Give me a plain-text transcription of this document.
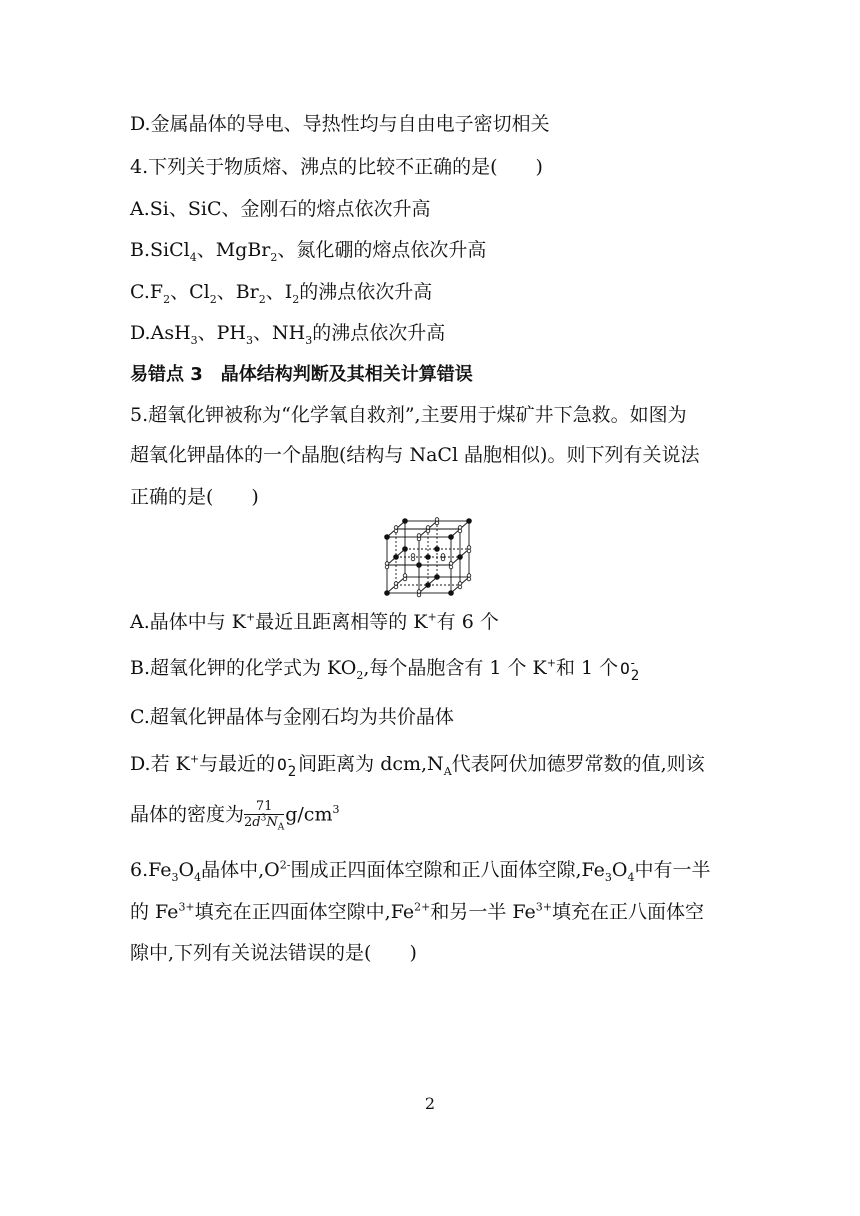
D.金属晶体的导电、导热性均与自由电子密切相关
4.下列关于物质熔、沸点的比较不正确的是(　　)
A.Si、SiC、金刚石的熔点依次升高
B.SiCl$_4$、MgBr$_2$、氮化硼的熔点依次升高
$C.F_2$、$Cl_2$、$Br_2$、$I_2$的沸点依次升高
D.AsH$_3$、$PH_3$、$NH_3$的沸点依次升高
易错点 3　晶体结构判断及其相关计算错误
5.超氧化钾被称为“化学氧自救剂”,主要用于煤矿井下急救。如图为
超氧化钾晶体的一个晶胞(结构与 NaCl 晶胞相似)。则下列有关说法
正确的是(　　)
A.晶体中与 K+最近且距离相等的 K+有 6 个
B.超氧化钾的化学式为 $KO_2$,每个晶胞含有 1 个 K+和 1 个 O -
2
C.超氧化钾晶体与金刚石均为共价晶体
D.若 K+与最近的 O -
2 间距离为 $dcm,N_A$代表阿伏加德罗常数的值,则该
晶体的密度为 $\frac{71}{2d^3N_A} g/cm^3$
$6.Fe_3O_4$晶体中$,O^{2-}$围成正四面体空隙和正八面体空隙$,Fe_3O_4$中有一半
的 $Fe^{3+}$填充在正四面体空隙中$,Fe^{2+}$和另一半 $Fe^{3+}$填充在正八面体空
隙中,下列有关说法错误的是(　　)
2
